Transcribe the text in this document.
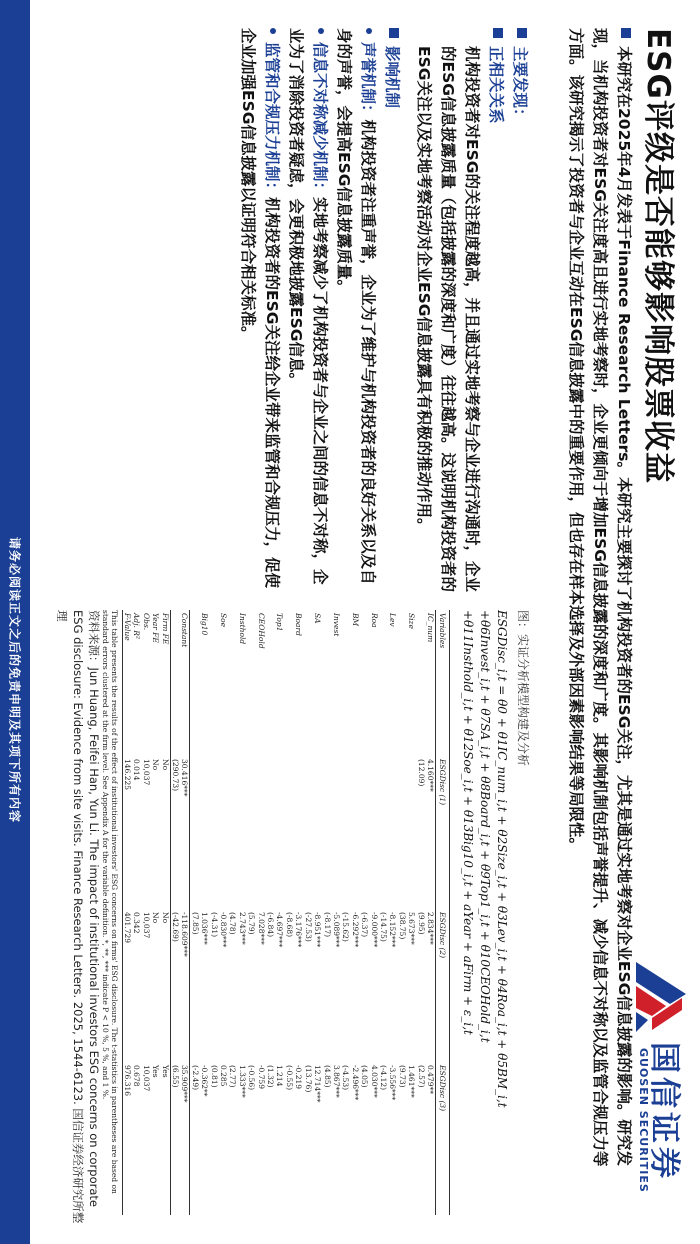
请务必阅读正文之后的免责申明及其项下所有内容
ESG评级是否能够影响股票收益
国信证券
GUOSEN SECURITIES
本研究在2025年4月发表于Finance Research Letters。本研究主要探讨了机构投资者的ESG关注，尤其是通过实地考察对企业ESG信息披露的影响。研究发现，当机构投资者对ESG关注度高且进行实地考察时，企业更倾向于增加ESG信息披露的深度和广度。其影响机制包括声誉提升、减少信息不对称以及监管合规压力等方面。该研究揭示了投资者与企业互动在ESG信息披露中的重要作用，但也存在样本选择及外部因素影响结果等局限性。
主要发现：
正相关关系

机构投资者对ESG的关注程度越高，并且通过实地考察与企业进行沟通时，企业的ESG信息披露质量（包括披露的深度和广度）往往越高。这说明机构投资者的ESG关注以及实地考察活动对企业ESG信息披露具有积极的推动作用。

影响机制
声誉机制：机构投资者注重声誉，企业为了维护与机构投资者的良好关系以及自身的声誉，会提高ESG信息披露质量。
信息不对称减少机制：实地考察减少了机构投资者与企业之间的信息不对称，企业为了消除投资者疑虑，会更积极地披露ESG信息。
监管和合规压力机制：机构投资者的ESG关注给企业带来监管和合规压力，促使企业加强ESG信息披露以证明符合相关标准。
图：实证分析模型构建及分析
ESGDisc_i,t = θ0 + θ1IC_num_i,t + θ2Size_i,t + θ3Lev_i,t + θ4Roa_i,t + θ5BM_i,t
+θ6Invest_i,t + θ7SA_i,t + θ8Board_i,t + θ9Top1_i,t + θ10CEOHold_i,t
+θ11Insthold_i,t + θ12Soe_i,t + θ13Big10_i,t + aYear + aFirm + ε_i,t
Variables	ESGDisc (1)	ESGDisc (2)	ESGDisc (3)
IC_num	4.160***	2.834***	0.479**
	(12.09)	(9.95)	(2.57)
Size		5.673***	1.461***
		(38.75)	(9.73)
Lev		-8.152***	-3.556***
		(-14.75)	(-4.12)
Roa		-9.000***	4.030***
		(-6.37)	(4.05)
BM		-6.292***	-2.496***
		(-15.62)	(-4.53)
Invest		-5.089***	3.867***
		(-8.17)	(4.85)
SA		-8.951***	12.714***
		(-27.53)	(13.76)
Board		-3.176***	-0.219
		(-8.68)	(-0.55)
Top1		-4.697***	1.214
		(-6.84)	(1.32)
CEOHold		7.028***	-0.759
		(5.79)	(-0.56)
Insthold		2.743***	1.333***
		(4.78)	(2.77)
Soe		-0.830***	0.285
		(-4.31)	(0.81)
Big10		1.036***	-0.362**
		(7.85)	(-2.49)
Constant	30.416***	-118.609***	35.909***
	(290.73)	(-42.69)	(6.55)
Firm FE	No	No	Yes
Year FE	No	No	Yes
Obs.	10,037	10,037	10,037
Adj. R²	0.014	0.342	0.678
F-Value	146.225	401.729	976.316
This table presents the results of the effect of institutional investors' ESG concerns on firms' ESG disclosure. The t-statistics in parentheses are based on standard errors clustered at the firm level. See Appendix A for the variable definition. *, **, *** indicate P < 10 %, 5 %, and 1 %.
资料来源：Jun Huang, Feifei Han, Yun Li. The impact of institutional investors ESG concerns on corporate ESG disclosure: Evidence from site visits. Finance Research Letters. 2025, 1544-6123. 国信证券经济研究所整理
